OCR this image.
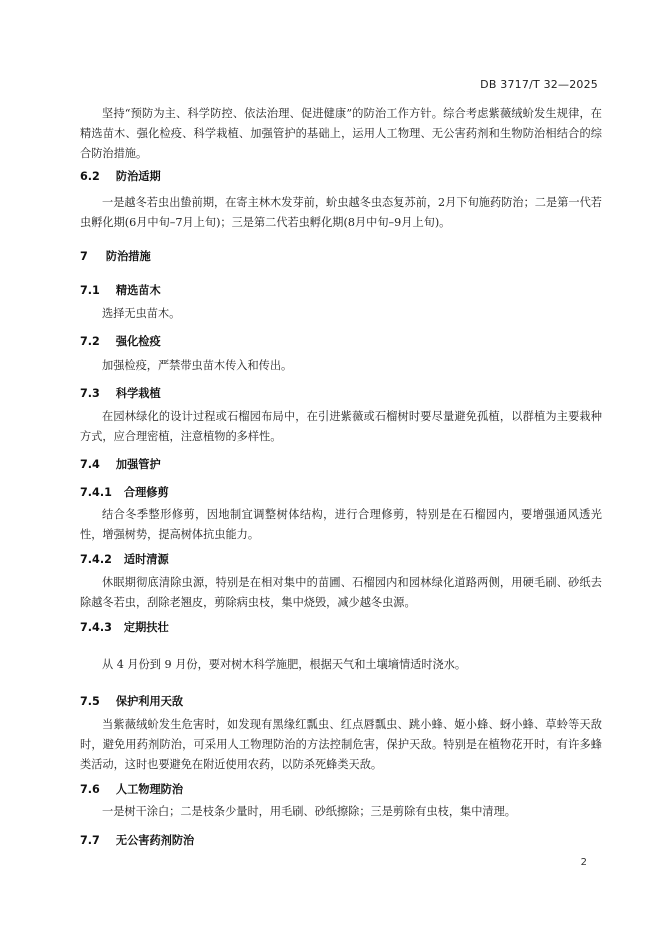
DB 3717/T 32—2025

坚持“预防为主、科学防控、依法治理、促进健康”的防治工作方针。综合考虑紫薇绒蚧发生规律，在精选苗木、强化检疫、科学栽植、加强管护的基础上，运用人工物理、无公害药剂和生物防治相结合的综合防治措施。

6.2 防治适期

一是越冬若虫出蛰前期，在寄主林木发芽前，蚧虫越冬虫态复苏前，2月下旬施药防治；二是第一代若虫孵化期(6月中旬–7月上旬)；三是第二代若虫孵化期(8月中旬–9月上旬)。

7 防治措施
7.1 精选苗木

选择无虫苗木。

7.2 强化检疫

加强检疫，严禁带虫苗木传入和传出。

7.3 科学栽植

在园林绿化的设计过程或石榴园布局中，在引进紫薇或石榴树时要尽量避免孤植，以群植为主要栽种方式，应合理密植，注意植物的多样性。

7.4 加强管护
7.4.1 合理修剪

结合冬季整形修剪，因地制宜调整树体结构，进行合理修剪，特别是在石榴园内，要增强通风透光性，增强树势，提高树体抗虫能力。

7.4.2 适时清源

休眠期彻底清除虫源，特别是在相对集中的苗圃、石榴园内和园林绿化道路两侧，用硬毛刷、砂纸去除越冬若虫，刮除老翘皮，剪除病虫枝，集中烧毁，减少越冬虫源。

7.4.3 定期扶壮

从 4 月份到 9 月份，要对树木科学施肥，根据天气和土壤墒情适时浇水。

7.5 保护利用天敌

当紫薇绒蚧发生危害时，如发现有黑缘红瓢虫、红点唇瓢虫、跳小蜂、姬小蜂、蚜小蜂、草蛉等天敌时，避免用药剂防治，可采用人工物理防治的方法控制危害，保护天敌。特别是在植物花开时，有许多蜂类活动，这时也要避免在附近使用农药，以防杀死蜂类天敌。

7.6 人工物理防治

一是树干涂白；二是枝条少量时，用毛刷、砂纸擦除；三是剪除有虫枝，集中清理。

7.7 无公害药剂防治
2
